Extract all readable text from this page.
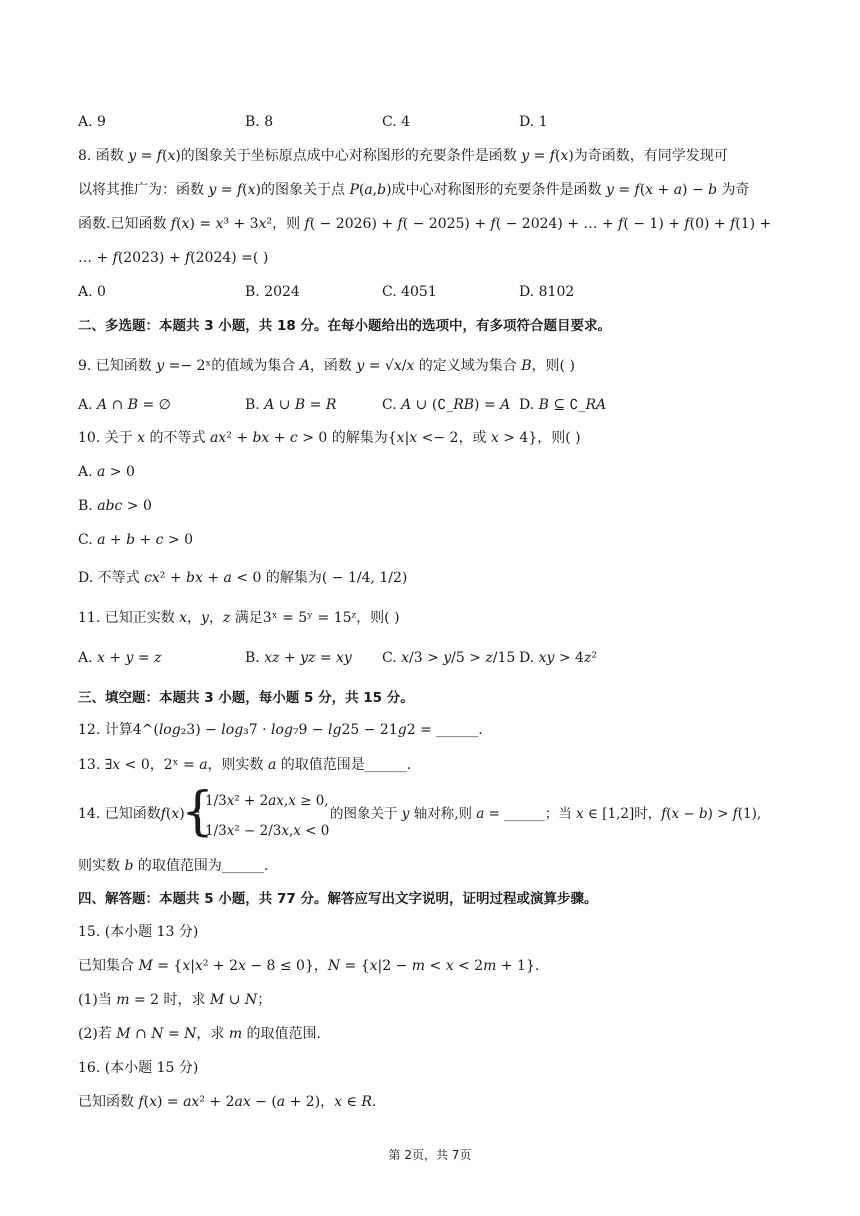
A. 9	B. 8	C. 4	D. 1
8. 函数 𝑦 = 𝑓(𝑥)的图象关于坐标原点成中心对称图形的充要条件是函数 𝑦 = 𝑓(𝑥)为奇函数，有同学发现可
以将其推广为：函数 𝑦 = 𝑓(𝑥)的图象关于点 𝑃(𝑎,𝑏)成中心对称图形的充要条件是函数 𝑦 = 𝑓(𝑥 + 𝑎) − 𝑏 为奇
函数.已知函数 𝑓(𝑥) = 𝑥³ + 3𝑥²，则 𝑓( − 2026) + 𝑓( − 2025) + 𝑓( − 2024) + … + 𝑓( − 1) + 𝑓(0) + 𝑓(1) +
… + 𝑓(2023) + 𝑓(2024) =( )
A. 0	B. 2024	C. 4051	D. 8102
二、多选题：本题共 3 小题，共 18 分。在每小题给出的选项中，有多项符合题目要求。
9. 已知函数 𝑦 =− 2ˣ的值域为集合 𝐴，函数 𝑦 = √𝑥/𝑥 的定义域为集合 𝐵，则( )
A. 𝐴 ∩ 𝐵 = ∅	B. 𝐴 ∪ 𝐵 = 𝑅	C. 𝐴 ∪ (∁_𝑅𝐵) = 𝐴 D. 𝐵 ⊆ ∁_𝑅𝐴
10. 关于 𝑥 的不等式 𝑎𝑥² + 𝑏𝑥 + 𝑐 > 0 的解集为{𝑥|𝑥 <− 2，或 𝑥 > 4}，则( )
A. 𝑎 > 0
B. 𝑎𝑏𝑐 > 0
C. 𝑎 + 𝑏 + 𝑐 > 0
D. 不等式 𝑐𝑥² + 𝑏𝑥 + 𝑎 < 0 的解集为( − 1/4, 1/2)
11. 已知正实数 𝑥，𝑦，𝑧 满足3ˣ = 5ʸ = 15ᶻ，则( )
A. 𝑥 + 𝑦 = 𝑧	B. 𝑥𝑧 + 𝑦𝑧 = 𝑥𝑦 C. 𝑥/3 > 𝑦/5 > 𝑧/15 D. 𝑥𝑦 > 4𝑧²
三、填空题：本题共 3 小题，每小题 5 分，共 15 分。
12. 计算4^(𝑙𝑜𝑔₂3) − 𝑙𝑜𝑔₃7 · 𝑙𝑜𝑔₇9 − 𝑙𝑔25 − 21𝑔2 = ______.
13. ∃𝑥 < 0，2ˣ = 𝑎，则实数 𝑎 的取值范围是______.
14. 已知函数𝑓(𝑥) =
{
1/3𝑥² + 2𝑎𝑥,𝑥 ≥ 0,
1/3𝑥² − 2/3𝑥,𝑥 < 0
的图象关于 𝑦 轴对称,则 𝑎 = ______；当 𝑥 ∈ [1,2]时，𝑓(𝑥 − 𝑏) > 𝑓(1),
则实数 𝑏 的取值范围为______.
四、解答题：本题共 5 小题，共 77 分。解答应写出文字说明，证明过程或演算步骤。
15. (本小题 13 分)
已知集合 𝑀 = {𝑥|𝑥² + 2𝑥 − 8 ≤ 0}，𝑁 = {𝑥|2 − 𝑚 < 𝑥 < 2𝑚 + 1}.
(1)当 𝑚 = 2 时，求 𝑀 ∪ 𝑁；
(2)若 𝑀 ∩ 𝑁 = 𝑁，求 𝑚 的取值范围.
16. (本小题 15 分)
已知函数 𝑓(𝑥) = 𝑎𝑥² + 2𝑎𝑥 − (𝑎 + 2)，𝑥 ∈ 𝑅.
第 2页，共 7页
